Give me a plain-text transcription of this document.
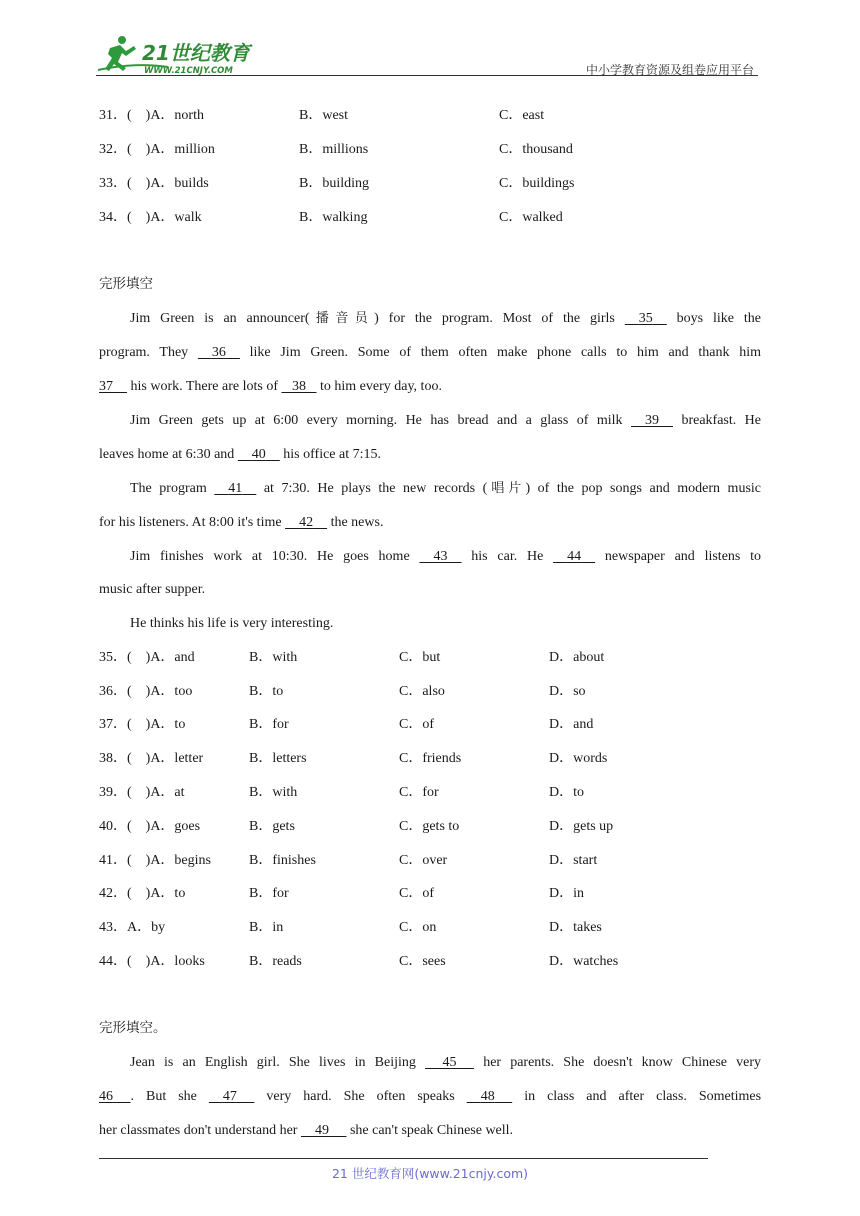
21世纪教育
WWW.21CNJY.COM	中小学教育资源及组卷应用平台
31．(　)A．north	B．west	C．east
32．(　)A．million	B．millions	C．thousand
33．(　)A．builds	B．building	C．buildings
34．(　)A．walk	B．walking	C．walked
完形填空
Jim Green is an announcer(播音员) for the program. Most of the girls 35 boys like the
program. They 36 like Jim Green. Some of them often make phone calls to him and thank him
37 his work. There are lots of 38 to him every day, too.
Jim Green gets up at 6:00 every morning. He has bread and a glass of milk 39 breakfast. He
leaves home at 6:30 and 40 his office at 7:15.
The program 41 at 7:30. He plays the new records (唱片) of the pop songs and modern music
for his listeners. At 8:00 it's time 42 the news.
Jim finishes work at 10:30. He goes home 43 his car. He 44 newspaper and listens to
music after supper.
He thinks his life is very interesting.
35．(　)A．and	B．with	C．but	D．about
36．(　)A．too	B．to	C．also	D．so
37．(　)A．to	B．for	C．of	D．and
38．(　)A．letter	B．letters	C．friends	D．words
39．(　)A．at	B．with	C．for	D．to
40．(　)A．goes	B．gets	C．gets to	D．gets up
41．(　)A．begins	B．finishes	C．over	D．start
42．(　)A．to	B．for	C．of	D．in
43．A．by	B．in	C．on	D．takes
44．(　)A．looks	B．reads	C．sees	D．watches
完形填空。
Jean is an English girl. She lives in Beijing 45 her parents. She doesn't know Chinese very
46 . But she 47 very hard. She often speaks 48 in class and after class. Sometimes
her classmates don't understand her 49 she can't speak Chinese well.
21 世纪教育网(www.21cnjy.com)
